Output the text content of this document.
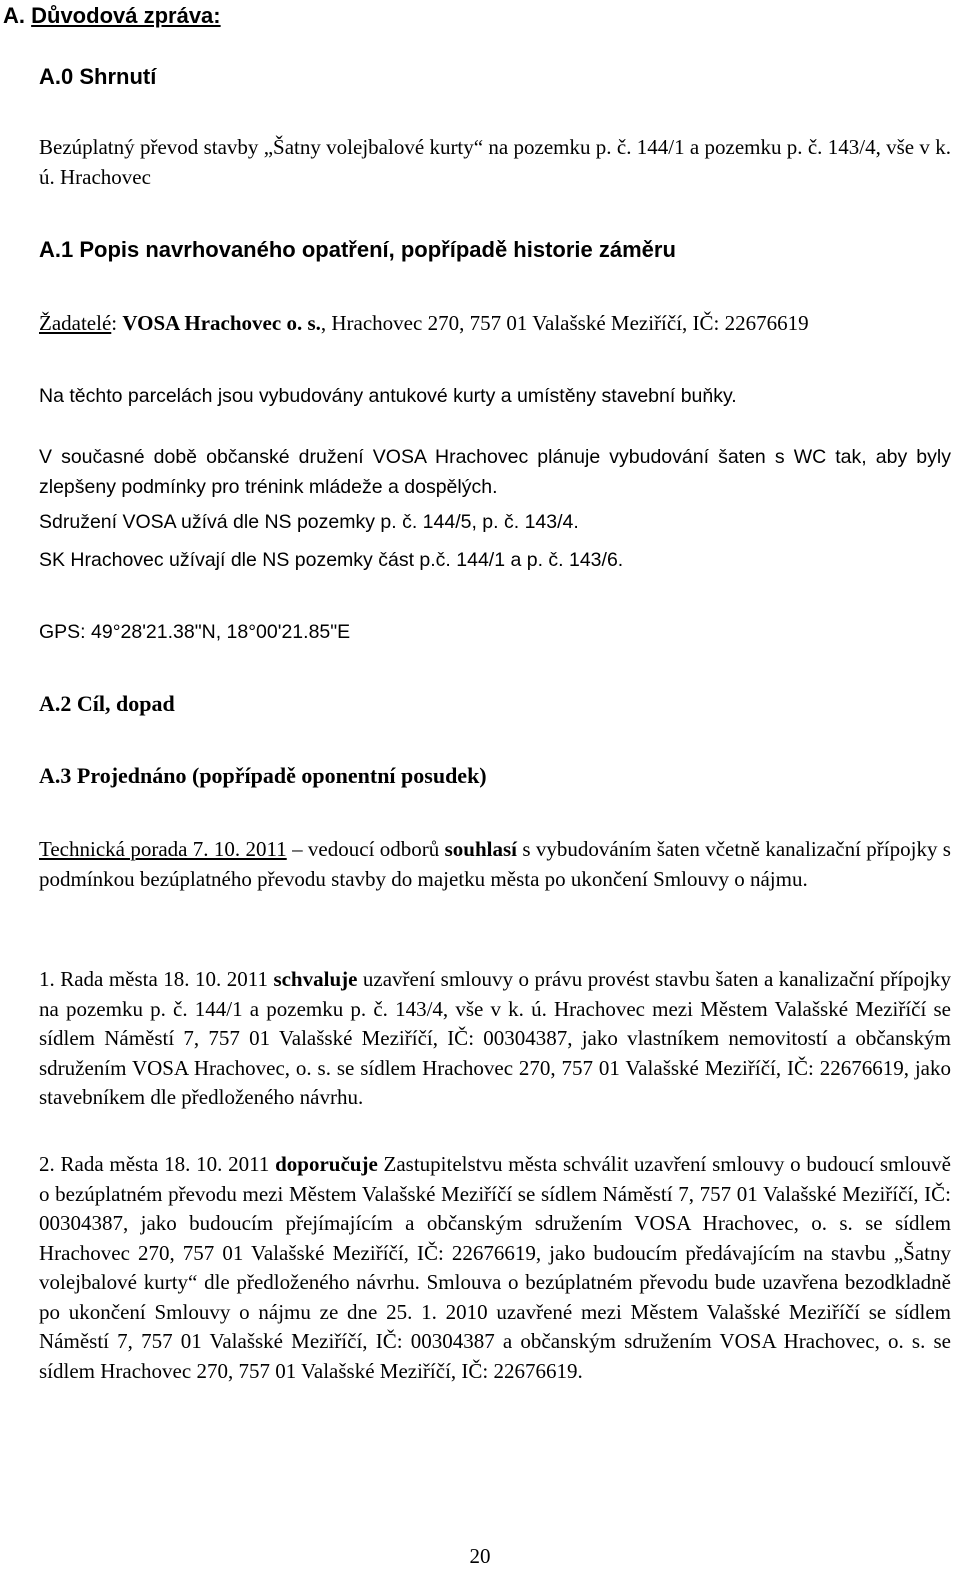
A. Důvodová zpráva:
A.0 Shrnutí

Bezúplatný převod stavby „Šatny volejbalové kurty“ na pozemku p. č. 144/1 a pozemku p. č. 143/4, vše v k. ú. Hrachovec

A.1 Popis navrhovaného opatření, popřípadě historie záměru

Žadatelé: VOSA Hrachovec o. s., Hrachovec 270, 757 01 Valašské Meziříčí, IČ: 22676619

Na těchto parcelách jsou vybudovány antukové kurty a umístěny stavební buňky.

V současné době občanské družení VOSA Hrachovec plánuje vybudování šaten s WC tak, aby byly zlepšeny podmínky pro trénink mládeže a dospělých.

Sdružení VOSA užívá dle NS pozemky p. č. 144/5, p. č. 143/4.

SK Hrachovec užívají dle NS pozemky část p.č. 144/1 a p. č. 143/6.

GPS: 49°28'21.38"N, 18°00'21.85"E

A.2 Cíl, dopad
A.3 Projednáno (popřípadě oponentní posudek)

Technická porada 7. 10. 2011 – vedoucí odborů souhlasí s vybudováním šaten včetně kanalizační přípojky s podmínkou bezúplatného převodu stavby do majetku města po ukončení Smlouvy o nájmu.

1. Rada města 18. 10. 2011 schvaluje uzavření smlouvy o právu provést stavbu šaten a kanalizační přípojky na pozemku p. č. 144/1 a pozemku p. č. 143/4, vše v k. ú. Hrachovec mezi Městem Valašské Meziříčí se sídlem Náměstí 7, 757 01 Valašské Meziříčí, IČ: 00304387, jako vlastníkem nemovitostí a občanským sdružením VOSA Hrachovec, o. s. se sídlem Hrachovec 270, 757 01 Valašské Meziříčí, IČ: 22676619, jako stavebníkem dle předloženého návrhu.

2. Rada města 18. 10. 2011 doporučuje Zastupitelstvu města schválit uzavření smlouvy o budoucí smlouvě o bezúplatném převodu mezi Městem Valašské Meziříčí se sídlem Náměstí 7, 757 01 Valašské Meziříčí, IČ: 00304387, jako budoucím přejímajícím a občanským sdružením VOSA Hrachovec, o. s. se sídlem Hrachovec 270, 757 01 Valašské Meziříčí, IČ: 22676619, jako budoucím předávajícím na stavbu „Šatny volejbalové kurty“ dle předloženého návrhu. Smlouva o bezúplatném převodu bude uzavřena bezodkladně po ukončení Smlouvy o nájmu ze dne 25. 1. 2010 uzavřené mezi Městem Valašské Meziříčí se sídlem Náměstí 7, 757 01 Valašské Meziříčí, IČ: 00304387 a občanským sdružením VOSA Hrachovec, o. s. se sídlem Hrachovec 270, 757 01 Valašské Meziříčí, IČ: 22676619.

20
